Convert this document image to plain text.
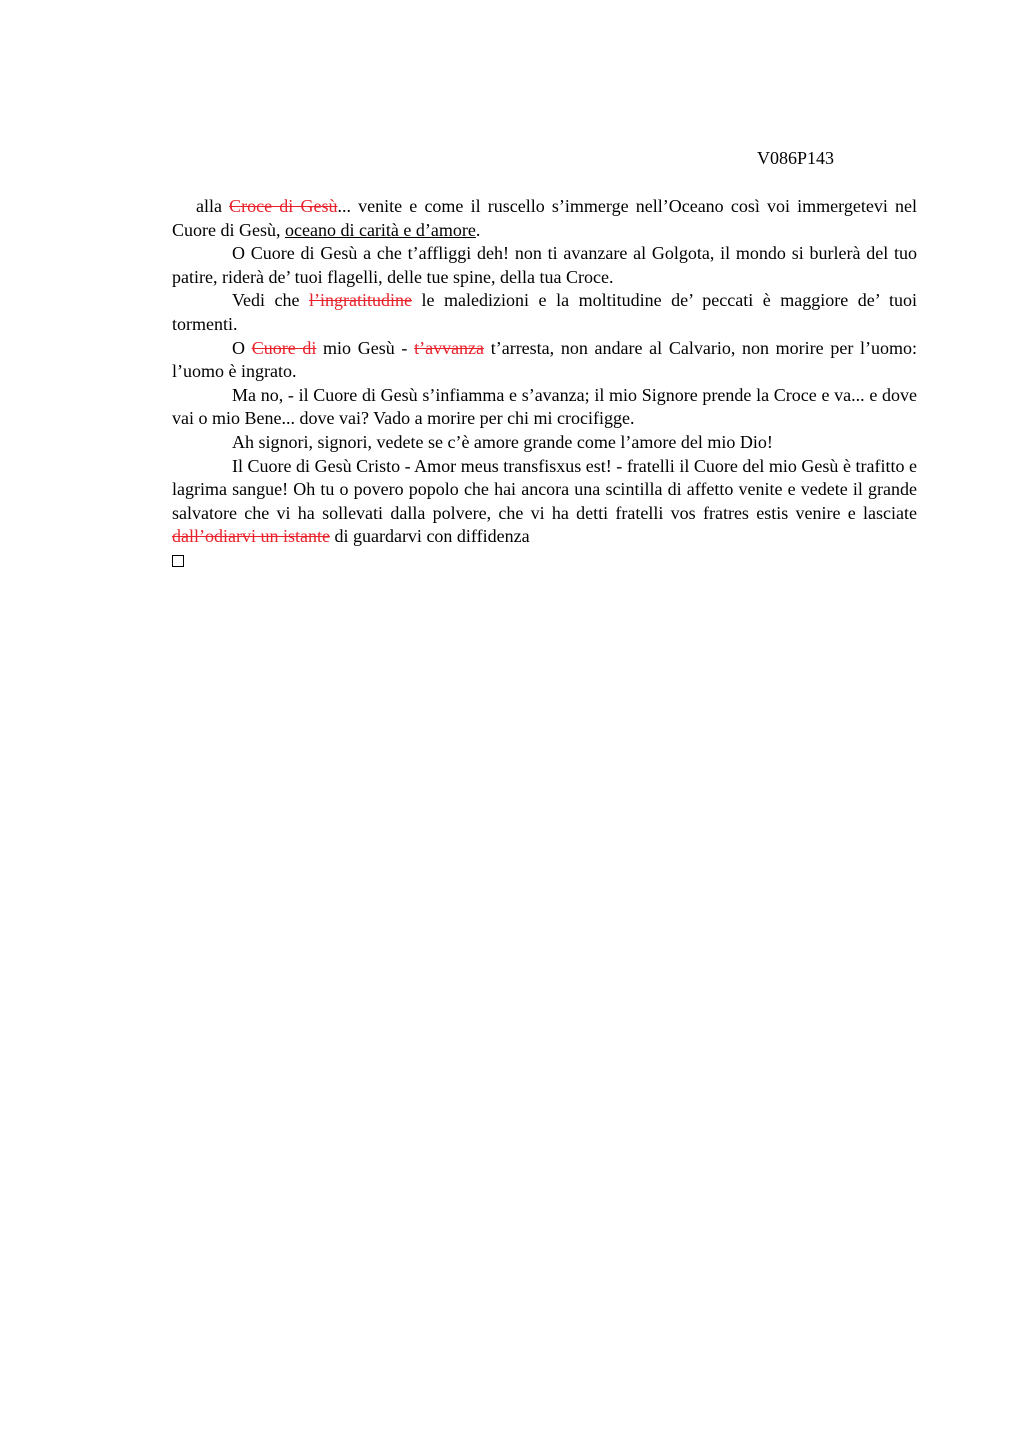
V086P143

alla Croce di Gesù... venite e come il ruscello s’immerge nell’Oceano così voi immergetevi nel Cuore di Gesù, oceano di carità e d’amore.

O Cuore di Gesù a che t’affliggi deh! non ti avanzare al Golgota, il mondo si burlerà del tuo patire, riderà de’ tuoi flagelli, delle tue spine, della tua Croce.

Vedi che l’ingratitudine le maledizioni e la moltitudine de’ peccati è maggiore de’ tuoi tormenti.

O Cuore di mio Gesù - t’avvanza t’arresta, non andare al Calvario, non morire per l’uomo: l’uomo è ingrato.

Ma no, - il Cuore di Gesù s’infiamma e s’avanza; il mio Signore prende la Croce e va... e dove vai o mio Bene... dove vai? Vado a morire per chi mi crocifigge.

Ah signori, signori, vedete se c’è amore grande come l’amore del mio Dio!

Il Cuore di Gesù Cristo - Amor meus transfisxus est! - fratelli il Cuore del mio Gesù è trafitto e lagrima sangue! Oh tu o povero popolo che hai ancora una scintilla di affetto venite e vedete il grande salvatore che vi ha sollevati dalla polvere, che vi ha detti fratelli vos fratres estis venire e lasciate dall’odiarvi un istante di guardarvi con diffidenza
